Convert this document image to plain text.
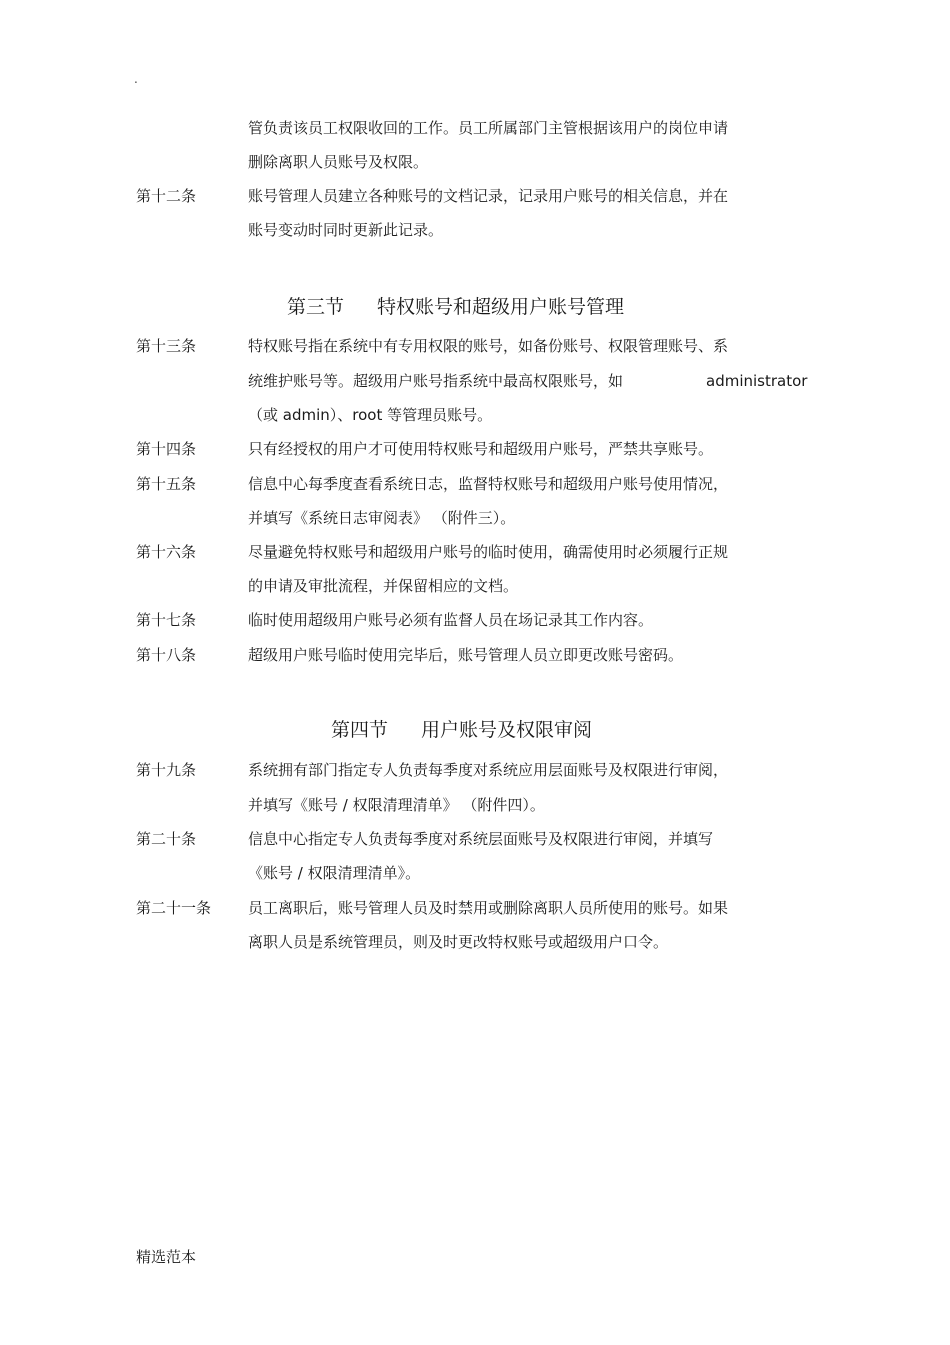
.
管负责该员工权限收回的工作。员工所属部门主管根据该用户的岗位申请
删除离职人员账号及权限。
第十二条	账号管理人员建立各种账号的文档记录，记录用户账号的相关信息，并在
账号变动时同时更新此记录。
第三节 特权账号和超级用户账号管理
第十三条	特权账号指在系统中有专用权限的账号，如备份账号、权限管理账号、系
统维护账号等。超级用户账号指系统中最高权限账号，如	administrator
（或 admin）、root 等管理员账号。
第十四条	只有经授权的用户才可使用特权账号和超级用户账号，严禁共享账号。
第十五条	信息中心每季度查看系统日志，监督特权账号和超级用户账号使用情况，
并填写《系统日志审阅表》 （附件三）。
第十六条	尽量避免特权账号和超级用户账号的临时使用，确需使用时必须履行正规
的申请及审批流程，并保留相应的文档。
第十七条	临时使用超级用户账号必须有监督人员在场记录其工作内容。
第十八条	超级用户账号临时使用完毕后，账号管理人员立即更改账号密码。
第四节 用户账号及权限审阅
第十九条	系统拥有部门指定专人负责每季度对系统应用层面账号及权限进行审阅，
并填写《账号 / 权限清理清单》 （附件四）。
第二十条	信息中心指定专人负责每季度对系统层面账号及权限进行审阅，并填写
《账号 / 权限清理清单》。
第二十一条 员工离职后，账号管理人员及时禁用或删除离职人员所使用的账号。如果
离职人员是系统管理员，则及时更改特权账号或超级用户口令。
精选范本
